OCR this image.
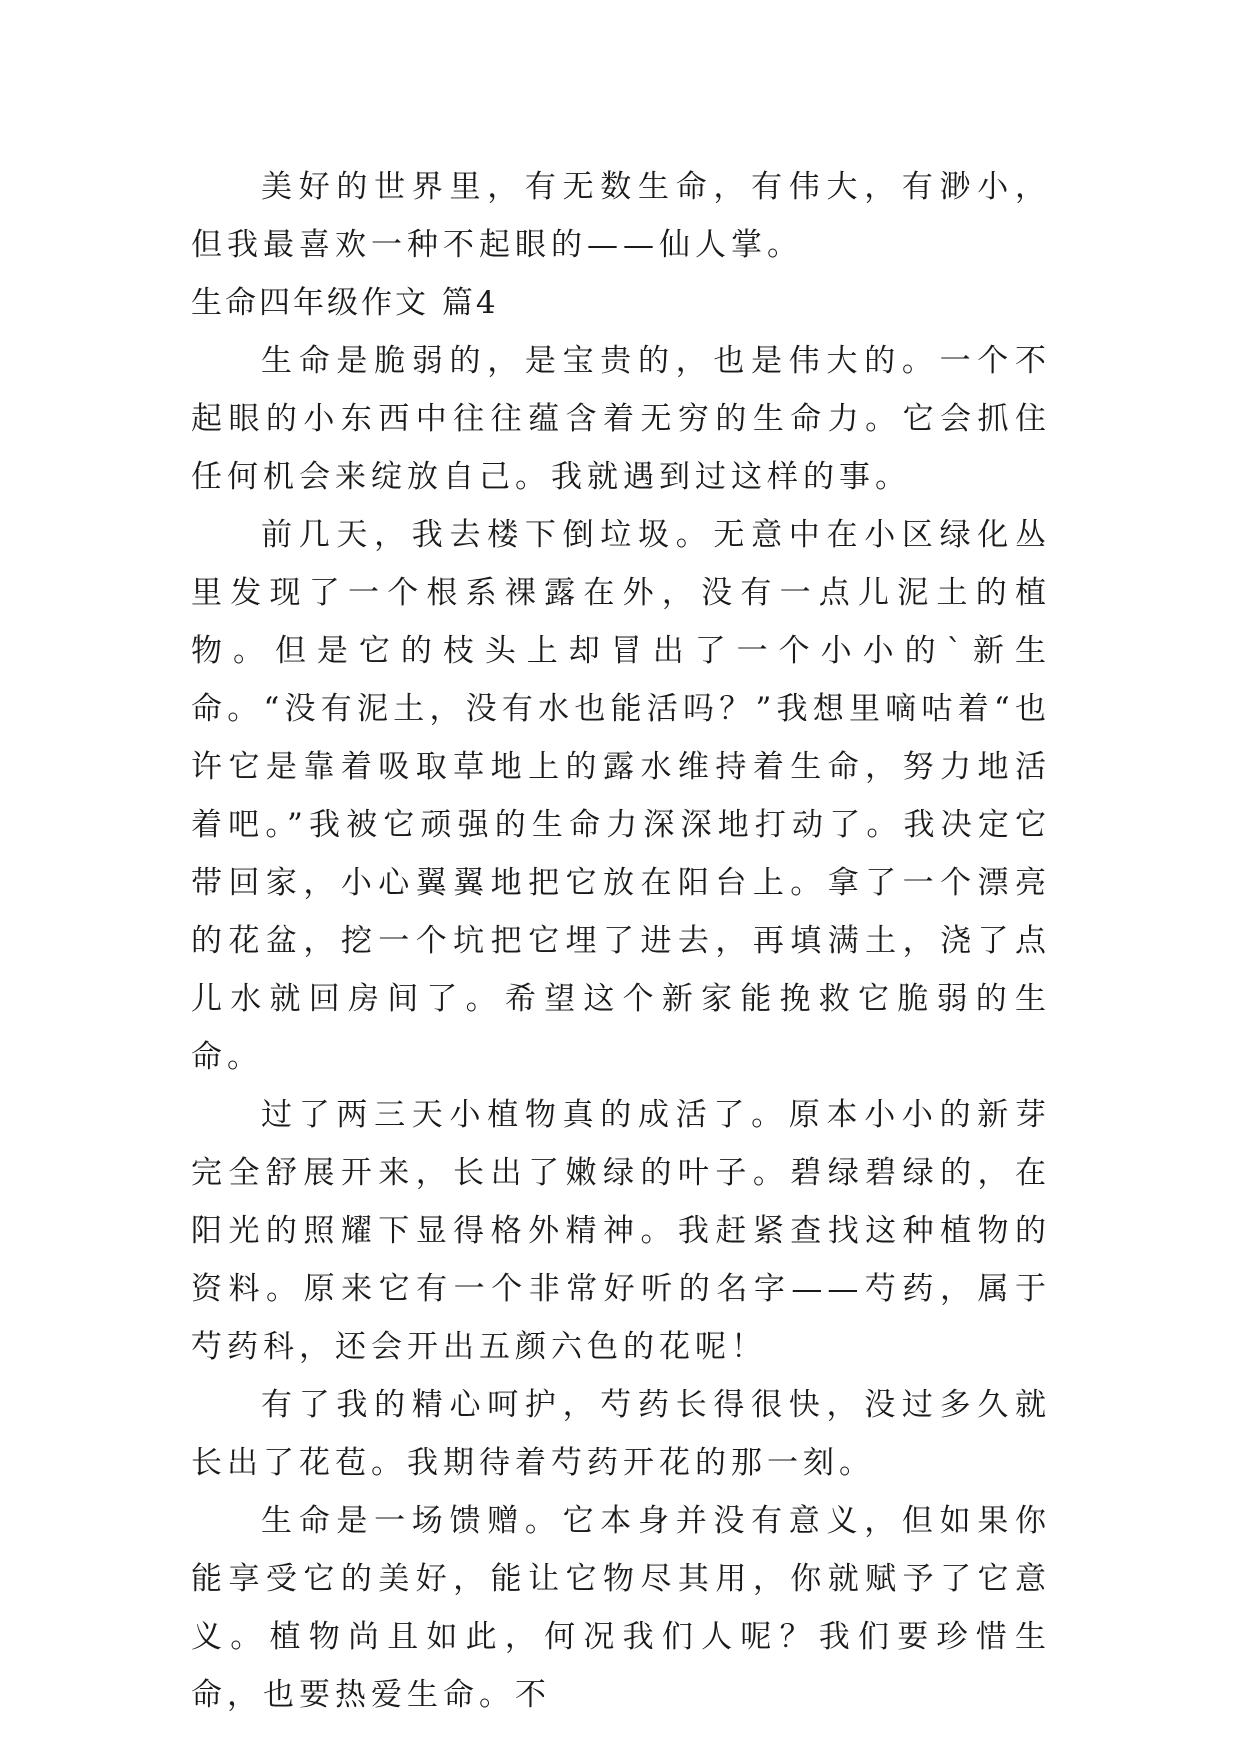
美好的世界里，有无数生命，有伟大，有渺小，但我最喜欢一种不起眼的——仙人掌。

生命四年级作文 篇4

生命是脆弱的，是宝贵的，也是伟大的。一个不起眼的小东西中往往蕴含着无穷的生命力。它会抓住任何机会来绽放自己。我就遇到过这样的事。

前几天，我去楼下倒垃圾。无意中在小区绿化丛里发现了一个根系裸露在外，没有一点儿泥土的植物。但是它的枝头上却冒出了一个小小的`新生命。“没有泥土，没有水也能活吗？”我想里嘀咕着“也许它是靠着吸取草地上的露水维持着生命，努力地活着吧。”我被它顽强的生命力深深地打动了。我决定它带回家，小心翼翼地把它放在阳台上。拿了一个漂亮的花盆，挖一个坑把它埋了进去，再填满土，浇了点儿水就回房间了。希望这个新家能挽救它脆弱的生命。

过了两三天小植物真的成活了。原本小小的新芽完全舒展开来，长出了嫩绿的叶子。碧绿碧绿的，在阳光的照耀下显得格外精神。我赶紧查找这种植物的资料。原来它有一个非常好听的名字——芍药，属于芍药科，还会开出五颜六色的花呢！

有了我的精心呵护，芍药长得很快，没过多久就长出了花苞。我期待着芍药开花的那一刻。

生命是一场馈赠。它本身并没有意义，但如果你能享受它的美好，能让它物尽其用，你就赋予了它意义。植物尚且如此，何况我们人呢？我们要珍惜生命，也要热爱生命。不
